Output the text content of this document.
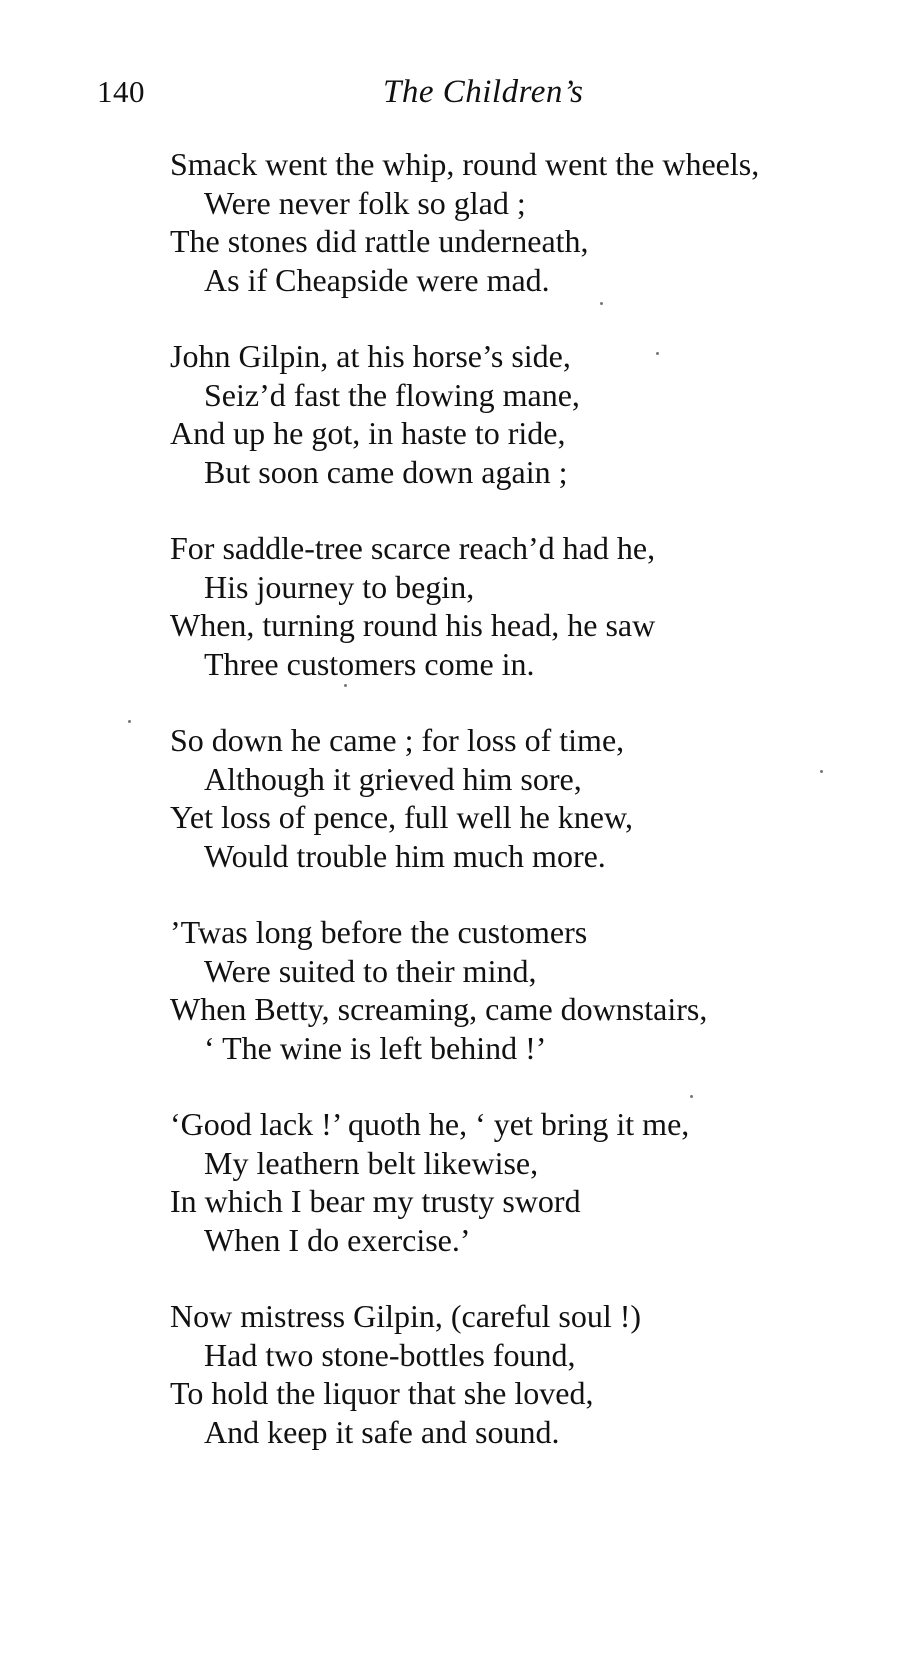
140	The Children’s
Smack went the whip, round went the wheels,
Were never folk so glad ;
The stones did rattle underneath,
As if Cheapside were mad.
John Gilpin, at his horse’s side,
Seiz’d fast the flowing mane,
And up he got, in haste to ride,
But soon came down again ;
For saddle-tree scarce reach’d had he,
His journey to begin,
When, turning round his head, he saw
Three customers come in.
So down he came ; for loss of time,
Although it grieved him sore,
Yet loss of pence, full well he knew,
Would trouble him much more.
’Twas long before the customers
Were suited to their mind,
When Betty, screaming, came downstairs,
‘ The wine is left behind !’
‘Good lack !’ quoth he, ‘ yet bring it me,
My leathern belt likewise,
In which I bear my trusty sword
When I do exercise.’
Now mistress Gilpin, (careful soul !)
Had two stone-bottles found,
To hold the liquor that she loved,
And keep it safe and sound.
